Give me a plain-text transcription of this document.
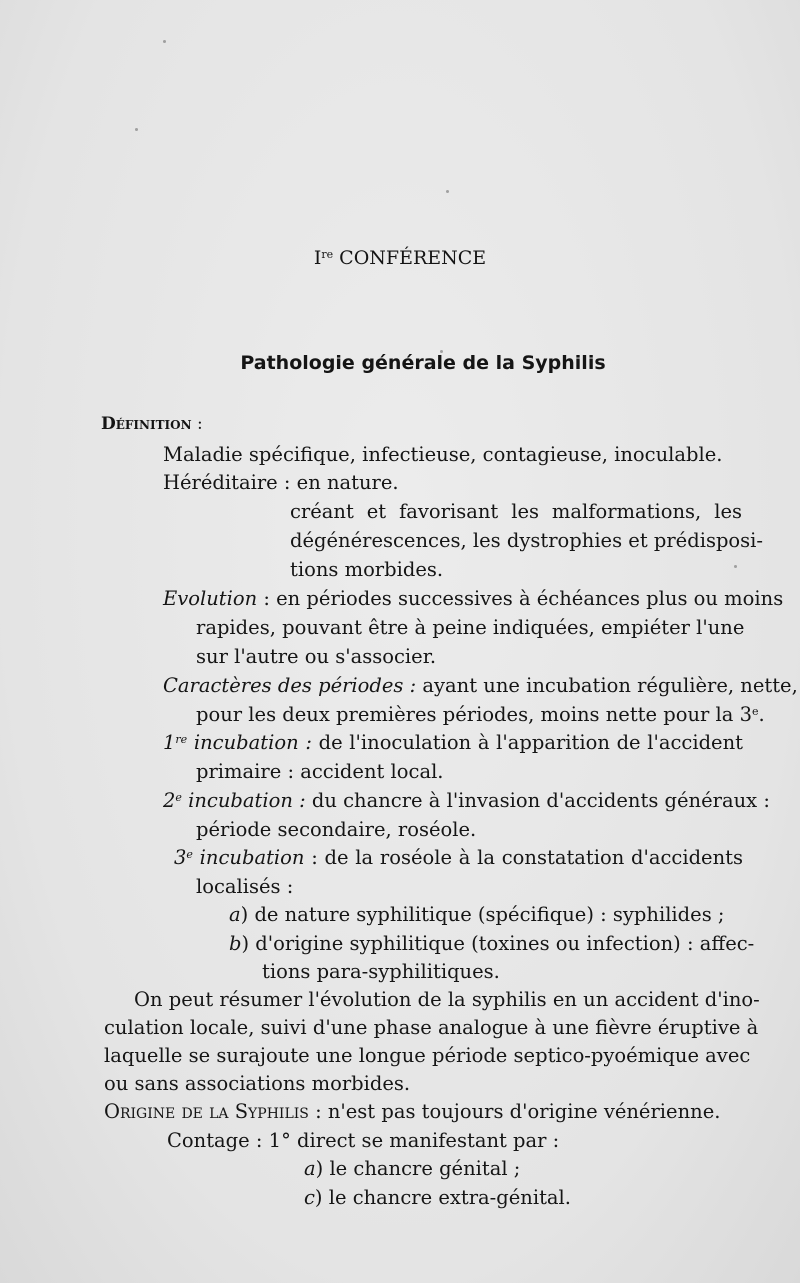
Ire CONFÉRENCE
Pathologie générale de la Syphilis
Définition :
Maladie spécifique, infectieuse, contagieuse, inoculable.
Héréditaire : en nature.
créant et favorisant les malformations, les
dégénérescences, les dystrophies et prédisposi-
tions morbides.
Evolution : en périodes successives à échéances plus ou moins
rapides, pouvant être à peine indiquées, empiéter l'une
sur l'autre ou s'associer.
Caractères des périodes : ayant une incubation régulière, nette,
pour les deux premières périodes, moins nette pour la 3e.
1re incubation : de l'inoculation à l'apparition de l'accident
primaire : accident local.
2e incubation : du chancre à l'invasion d'accidents généraux :
période secondaire, roséole.
3e incubation : de la roséole à la constatation d'accidents
localisés :
a) de nature syphilitique (spécifique) : syphilides ;
b) d'origine syphilitique (toxines ou infection) : affec-
tions para-syphilitiques.
On peut résumer l'évolution de la syphilis en un accident d'ino-
culation locale, suivi d'une phase analogue à une fièvre éruptive à
laquelle se surajoute une longue période septico-pyoémique avec
ou sans associations morbides.
Origine de la Syphilis : n'est pas toujours d'origine vénérienne.
Contage : 1° direct se manifestant par :
a) le chancre génital ;
c) le chancre extra-génital.
